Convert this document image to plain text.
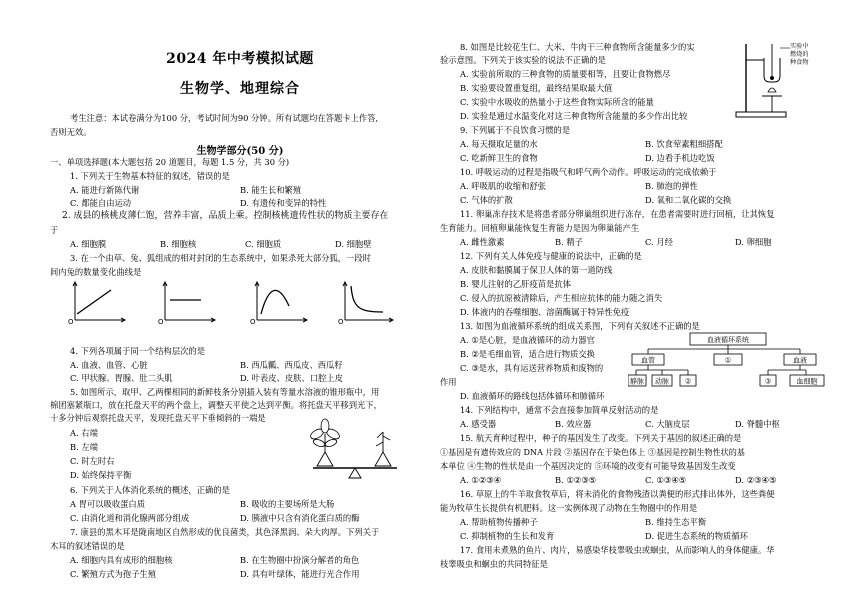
2024 年中考模拟试题
生物学、地理综合
考生注意：本试卷满分为100 分，考试时间为90 分钟。所有试题均在答题卡上作答,
否则无效。
生物学部分(50 分)
一、单项选择题(本大题包括 20 道题目，每题 1.5 分，共 30 分)
1. 下列关于生物基本特征的叙述，错误的是
A. 能进行新陈代谢	B. 能生长和繁殖
C. 都能自由运动	D. 有遗传和变异的特性
2. 成县的核桃皮薄仁饱，营养丰富，品质上乘。控制核桃遗传性状的物质主要存在
于
A. 细胞膜	B. 细胞核	C. 细胞质	D. 细胞壁
3. 在一个由草、兔、狐组成的相对封闭的生态系统中，如果杀死大部分狐，一段时
间内兔的数量变化曲线是
O	O	O	O
4. 下列各项属于同一个结构层次的是
A. 血液、血管、心脏	B. 西瓜瓤、西瓜皮、西瓜籽
C. 甲状腺、胃腺、肚二头肌	D. 叶表皮、皮肤、口腔上皮
5. 如图所示，取甲、乙两棵相同的新鲜枝条分别插入装有等量水溶液的锥形瓶中，用
棉团塞紧瓶口，放在托盘天平的两个盘上，调整天平使之达到平衡。将托盘天平移到光下，
十多分钟后观察托盘天平，发现托盘天平下垂倾斜的一端是
A. 右端
B. 左端
C. 时左时右
D. 始终保持平衡
6. 下列关于人体消化系统的概述，正确的是
A 胃可以吸收蛋白质	B. 吸收的主要场所是大肠
C. 由消化道和消化腺两部分组成	D. 胰液中只含有消化蛋白质的酶
7. 康县的黑木耳是陇南地区自然形成的优良菌类，其色泽黑润、朵大肉厚。下列关于
木耳的叙述错误的是
A. 细胞内具有成形的细胞核	B. 在生物圈中扮演分解者的角色
C. 繁殖方式为孢子生殖	D. 具有叶绿体，能进行光合作用
8. 如图是比较花生仁、大米、牛肉干三种食物所含能量多少的实
验示意图。下列关于该实验的说法不正确的是
A. 实验前所取的三种食物的质量要相等，且要让食物燃尽
B. 实验要设置重复组，最终结果取最大值
C. 实验中水吸收的热量小于这些食物实际所含的能量
D. 实验是通过水温变化对这三种食物所含能量的多少作出比较
实验中
燃烧的
种食物
9. 下列属于不良饮食习惯的是
A. 每天摄取足量的水	B. 饮食荤素粗细搭配
C. 吃新鲜卫生的食物	D. 边看手机边吃饭
10. 呼吸运动的过程是指吸气和呼气两个动作。呼吸运动的完成依赖于
A. 呼吸肌的收缩和舒张	B. 肺泡的弹性
C. 气体的扩散	D. 氧和二氧化碳的交换
11. 卵巢冻存技术是将患者部分卵巢组织进行冻存，在患者需要时进行回植，让其恢复
生育能力。回植卵巢能恢复生育能力是因为卵巢能产生
A. 雌性激素	B. 精子	C. 月经	D. 卵细胞
12. 下列有关人体免疫与健康的说法中，正确的是
A. 皮肤和黏膜属于保卫人体的第一道防线
B. 婴儿注射的乙肝疫苗是抗体
C. 侵入的抗原被清除后，产生相应抗体的能力随之消失
D. 体液内的吞噬细胞、溶菌酶属于特异性免疫
13. 如图为血液循环系统的组成关系图，下列有关叙述不正确的是
A. ①是心脏，是血液循环的动力器官
B. ②是毛细血管，适合进行物质交换
C. ③是水，具有运送营养物质和废物的
作用
D. 血液循环的路线包括体循环和肺循环
血液循环系统
血管	①	血液
静脉 动脉 ②	③	血细胞
14. 下列结构中，通常不会直接参加简单反射活动的是
A. 感受器	B. 效应器	C. 大脑皮层	D. 脊髓中枢
15. 航天育种过程中，种子的基因发生了改变。下列关于基因的叙述正确的是
①基因是有遗传效应的 DNA 片段 ②基因存在于染色体上 ③基因是控制生物性状的基
本单位 ④生物的性状是由一个基因决定的 ⑤环境的改变有可能导致基因发生改变
A. ①②③④	B. ①②③⑤	C. ①③④⑤	D. ②③④⑤
16. 草原上的牛羊取食牧草后，将未消化的食物残渣以粪便的形式排出体外，这些粪便
能为牧草生长提供有机肥料。这一实例体现了动物在生物圈中的作用是
A. 帮助植物传播种子	B. 维持生态平衡
C. 抑制植物的生长和发育	D. 促进生态系统的物质循环
17. 食用未煮熟的鱼片、肉片，易感染华枝睾吸虫或蛔虫，从而影响人的身体健康。华
枝睾吸虫和蛔虫的共同特征是
